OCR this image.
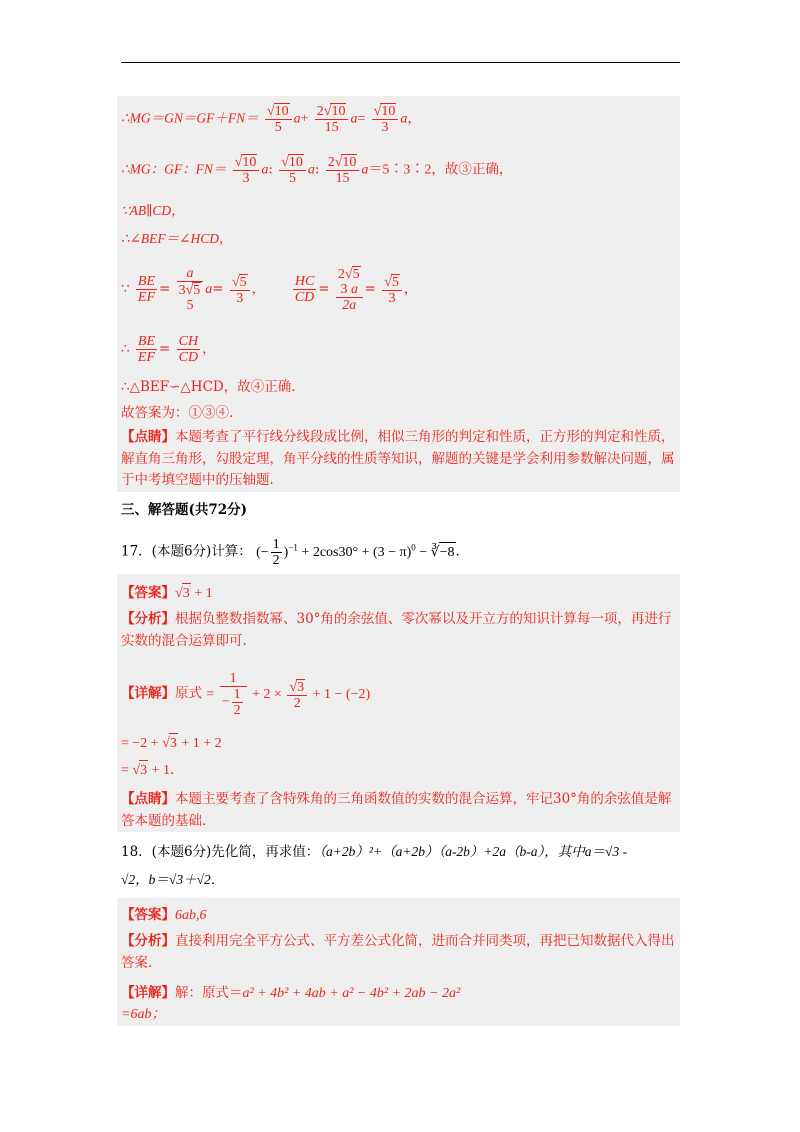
∴MG＝GN＝GF＋FN＝ $\frac{√10}{5} a+ \frac{2√10}{15} a= \frac{√10}{3}$ a，
∴MG：GF：$FN= \frac{√10}{3} a$: $\frac{√10}{5} a$: $\frac{2√10}{15}$ a＝5∶3∶2，故③正确，
∵AB∥CD，
∴∠BEF＝∠HCD，
∵ $\frac{BE}{EF}$ =
a
3√5
5
$a= \frac{√5}{3}$ ， $\frac{HC}{CD}$ =
2√5
3 a
2a
= $\frac{√5}{3}$ ，
∴ $\frac{BE}{EF} = \frac{CH}{CD}$ ，
∴△BEF∽△HCD，故④正确．
故答案为：①③④．
【点睛】本题考查了平行线分线段成比例，相似三角形的判定和性质，正方形的判定和性质，解直角三角形，勾股定理，角平分线的性质等知识，解题的关键是学会利用参数解决问题，属于中考填空题中的压轴题．
三、解答题(共72分)
17．(本题6分)计算： (− $\frac{1}{2} )^{-1} + 2\cos 30^\circ + (3 - \pi)^0$ − ∛−8．
【答案】√3 + 1
【分析】根据负整数指数幂、30°角的余弦值、零次幂以及开立方的知识计算每一项，再进行实数的混合运算即可．
【详解】原式 = $\frac{1}{- \frac{1}{2}} + 2 \times \frac{√3}{2} + 1 - (-2)$
= −2 + √3 + 1 + 2
= √3 + 1．
【点睛】本题主要考查了含特殊角的三角函数值的实数的混合运算，牢记30°角的余弦值是解答本题的基础．
18．(本题6分)先化简，再求值：（a+2b）²+（a+2b）（a-2b）+2a（b-a），其中a＝√3 -
√2，b＝√3＋√2．
【答案】6ab,6
【分析】直接利用完全平方公式、平方差公式化简，进而合并同类项，再把已知数据代入得出答案．
【详解】解：原式＝a² + 4b² + 4ab + a² − 4b² + 2ab − 2a²
=6ab；
